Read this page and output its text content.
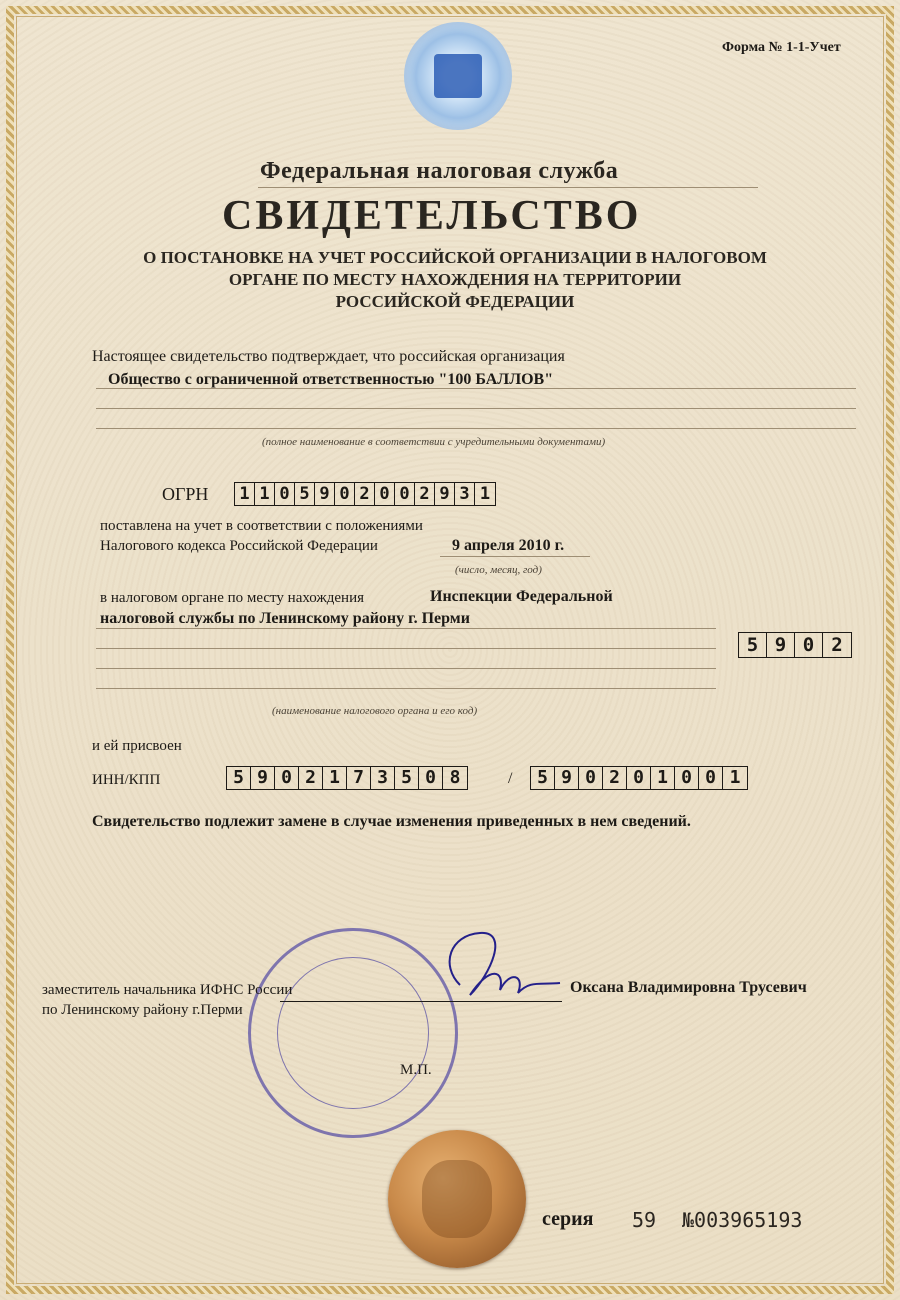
Форма № 1-1-Учет
Федеральная налоговая служба
СВИДЕТЕЛЬСТВО
О ПОСТАНОВКЕ НА УЧЕТ РОССИЙСКОЙ ОРГАНИЗАЦИИ В НАЛОГОВОМ
ОРГАНЕ ПО МЕСТУ НАХОЖДЕНИЯ НА ТЕРРИТОРИИ
РОССИЙСКОЙ ФЕДЕРАЦИИ
Настоящее свидетельство подтверждает, что российская организация
Общество с ограниченной ответственностью "100 БАЛЛОВ"
(полное наименование в соответствии с учредительными документами)
ОГРН 1 1 0 5 9 0 2 0 0 2 9 3 1
поставлена на учет в соответствии с положениями
Налогового кодекса Российской Федерации	9 апреля 2010 г.
(число, месяц, год)
в налоговом органе по месту нахождения	Инспекции Федеральной
налоговой службы по Ленинскому району г. Перми
5 9 0 2
(наименование налогового органа и его код)
и ей присвоен
ИНН/КПП	5 9 0 2 1 7 3 5 0 8	/	5 9 0 2 0 1 0 0 1
Свидетельство подлежит замене в случае изменения приведенных в нем сведений.
заместитель начальника ИФНС России
по Ленинскому району г.Перми
Оксана Владимировна Трусевич
М.П.
серия 59 №003965193
